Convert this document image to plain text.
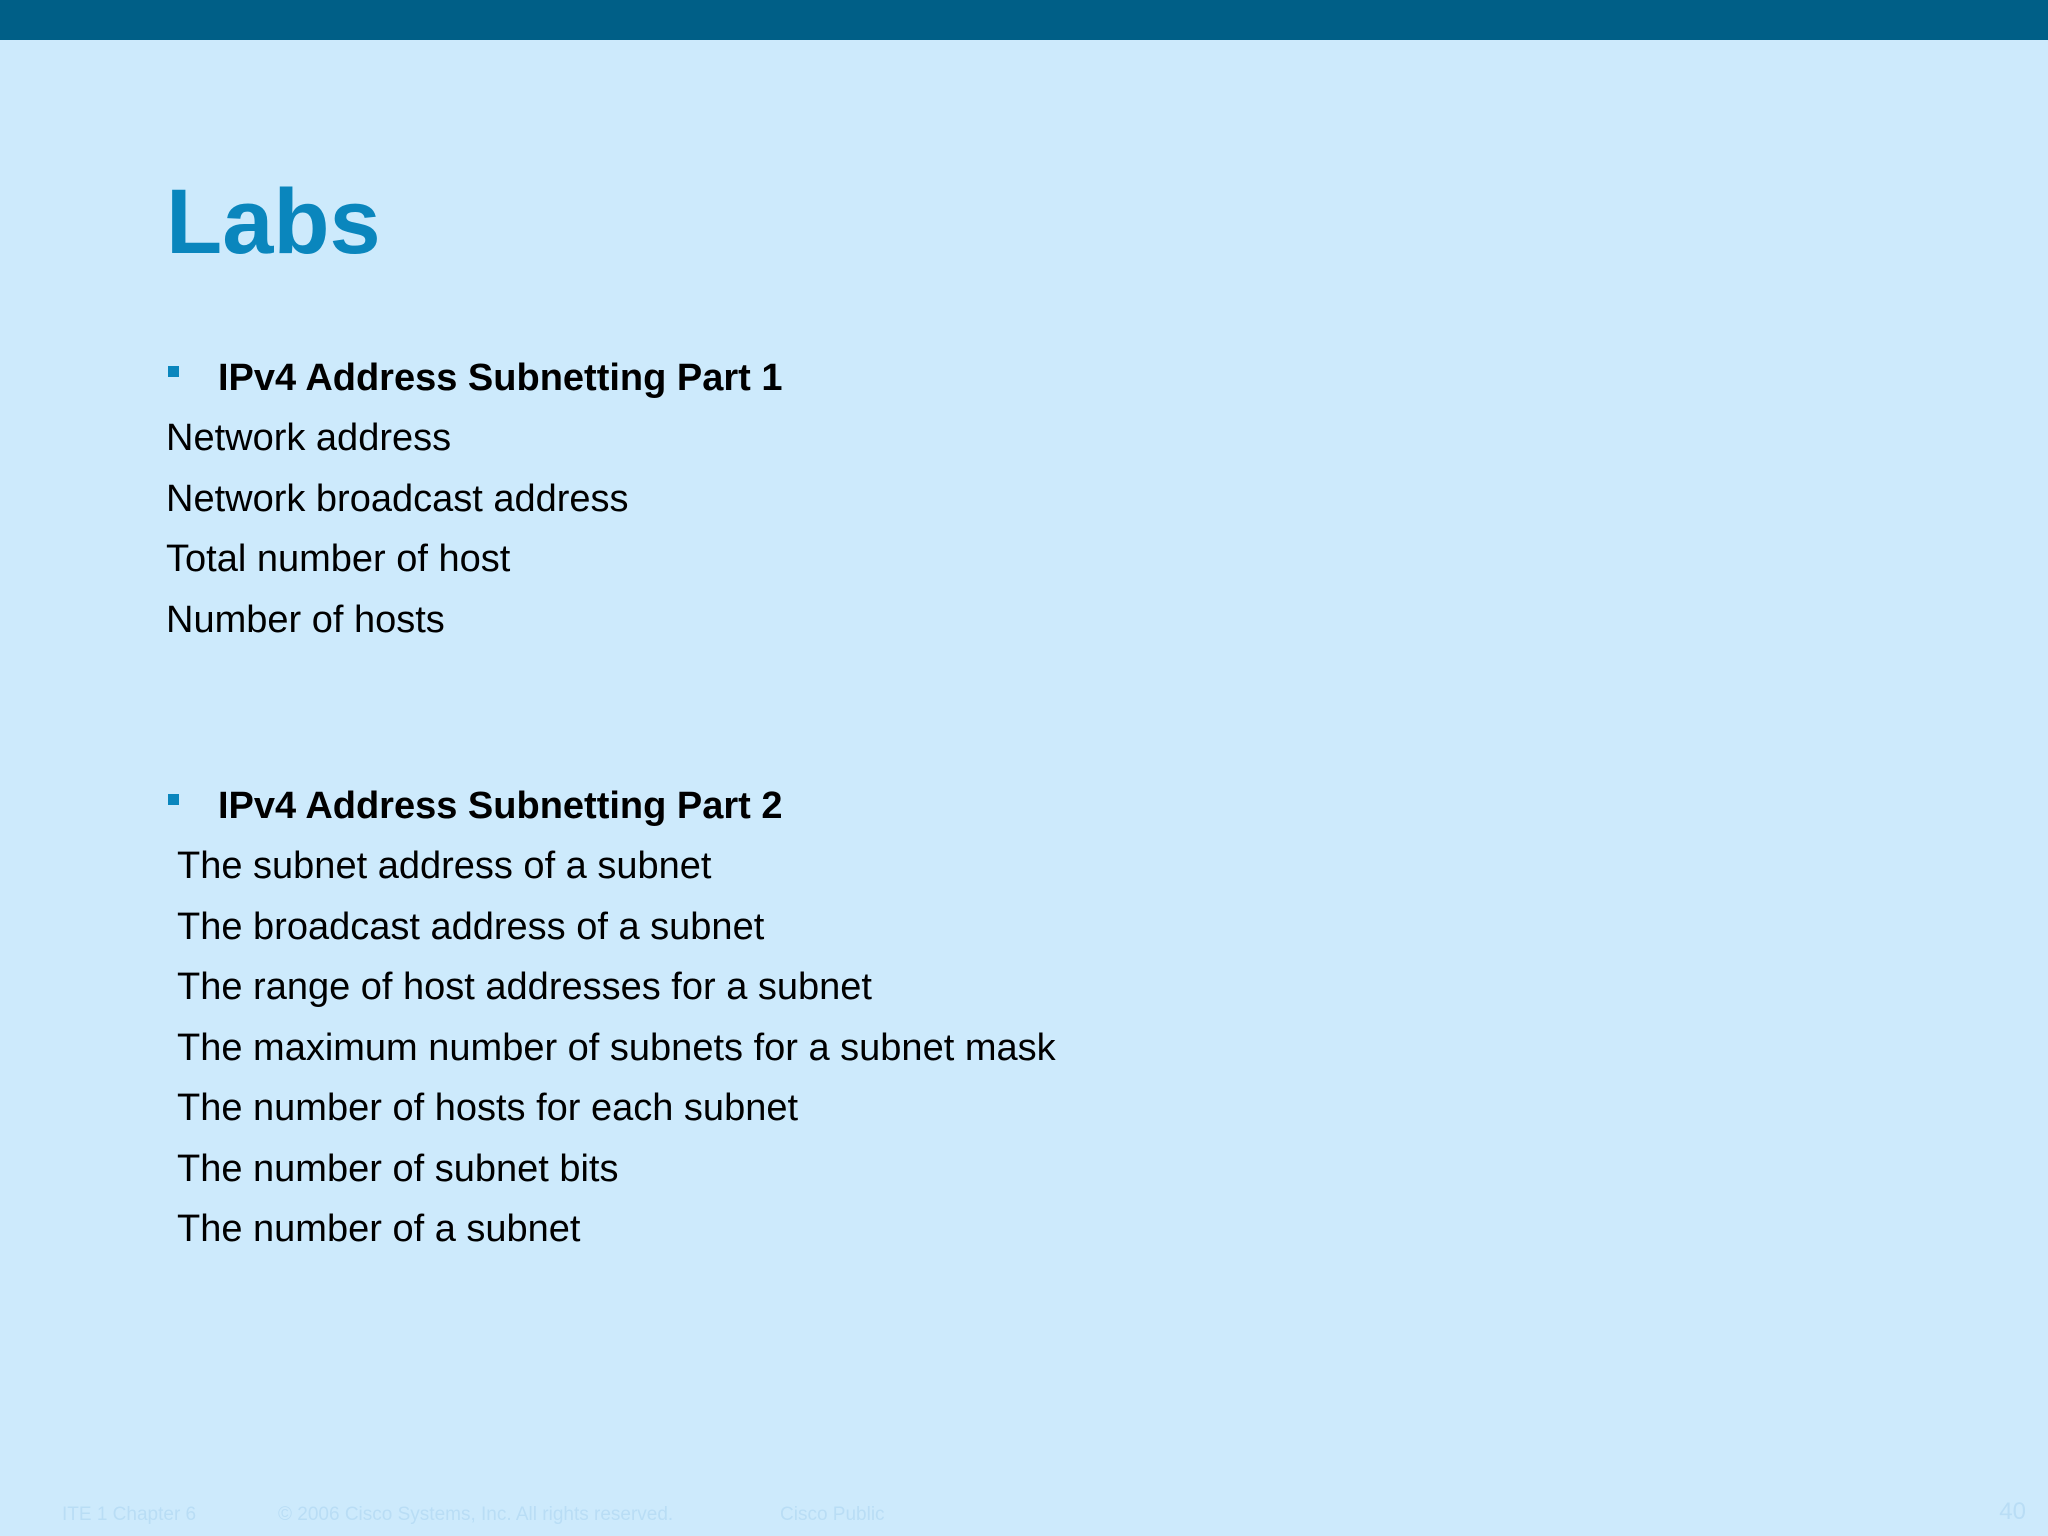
Labs
IPv4 Address Subnetting Part 1
Network address
Network broadcast address
Total number of host
Number of hosts
IPv4 Address Subnetting Part 2
The subnet address of a subnet
The broadcast address of a subnet
The range of host addresses for a subnet
The maximum number of subnets for a subnet mask
The number of hosts for each subnet
The number of subnet bits
The number of a subnet
ITE 1 Chapter 6	© 2006 Cisco Systems, Inc. All rights reserved.	Cisco Public	40
